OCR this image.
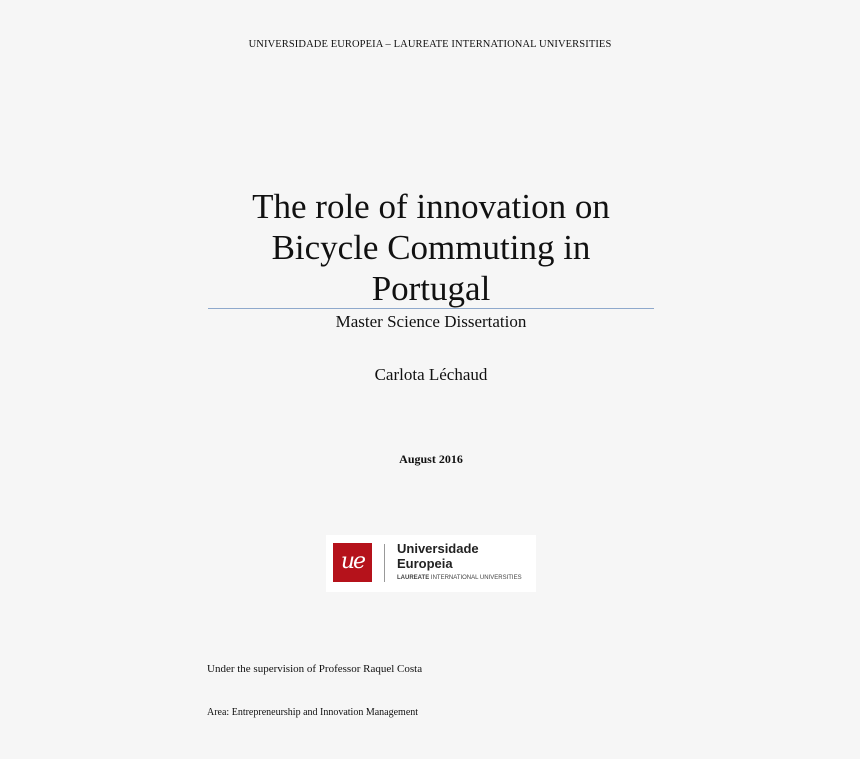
UNIVERSIDADE EUROPEIA – LAUREATE INTERNATIONAL UNIVERSITIES
The role of innovation on
Bicycle Commuting in
Portugal
Master Science Dissertation
Carlota Léchaud
August 2016
ue
Universidade
Europeia
LAUREATE INTERNATIONAL UNIVERSITIES
Under the supervision of Professor Raquel Costa
Area: Entrepreneurship and Innovation Management
